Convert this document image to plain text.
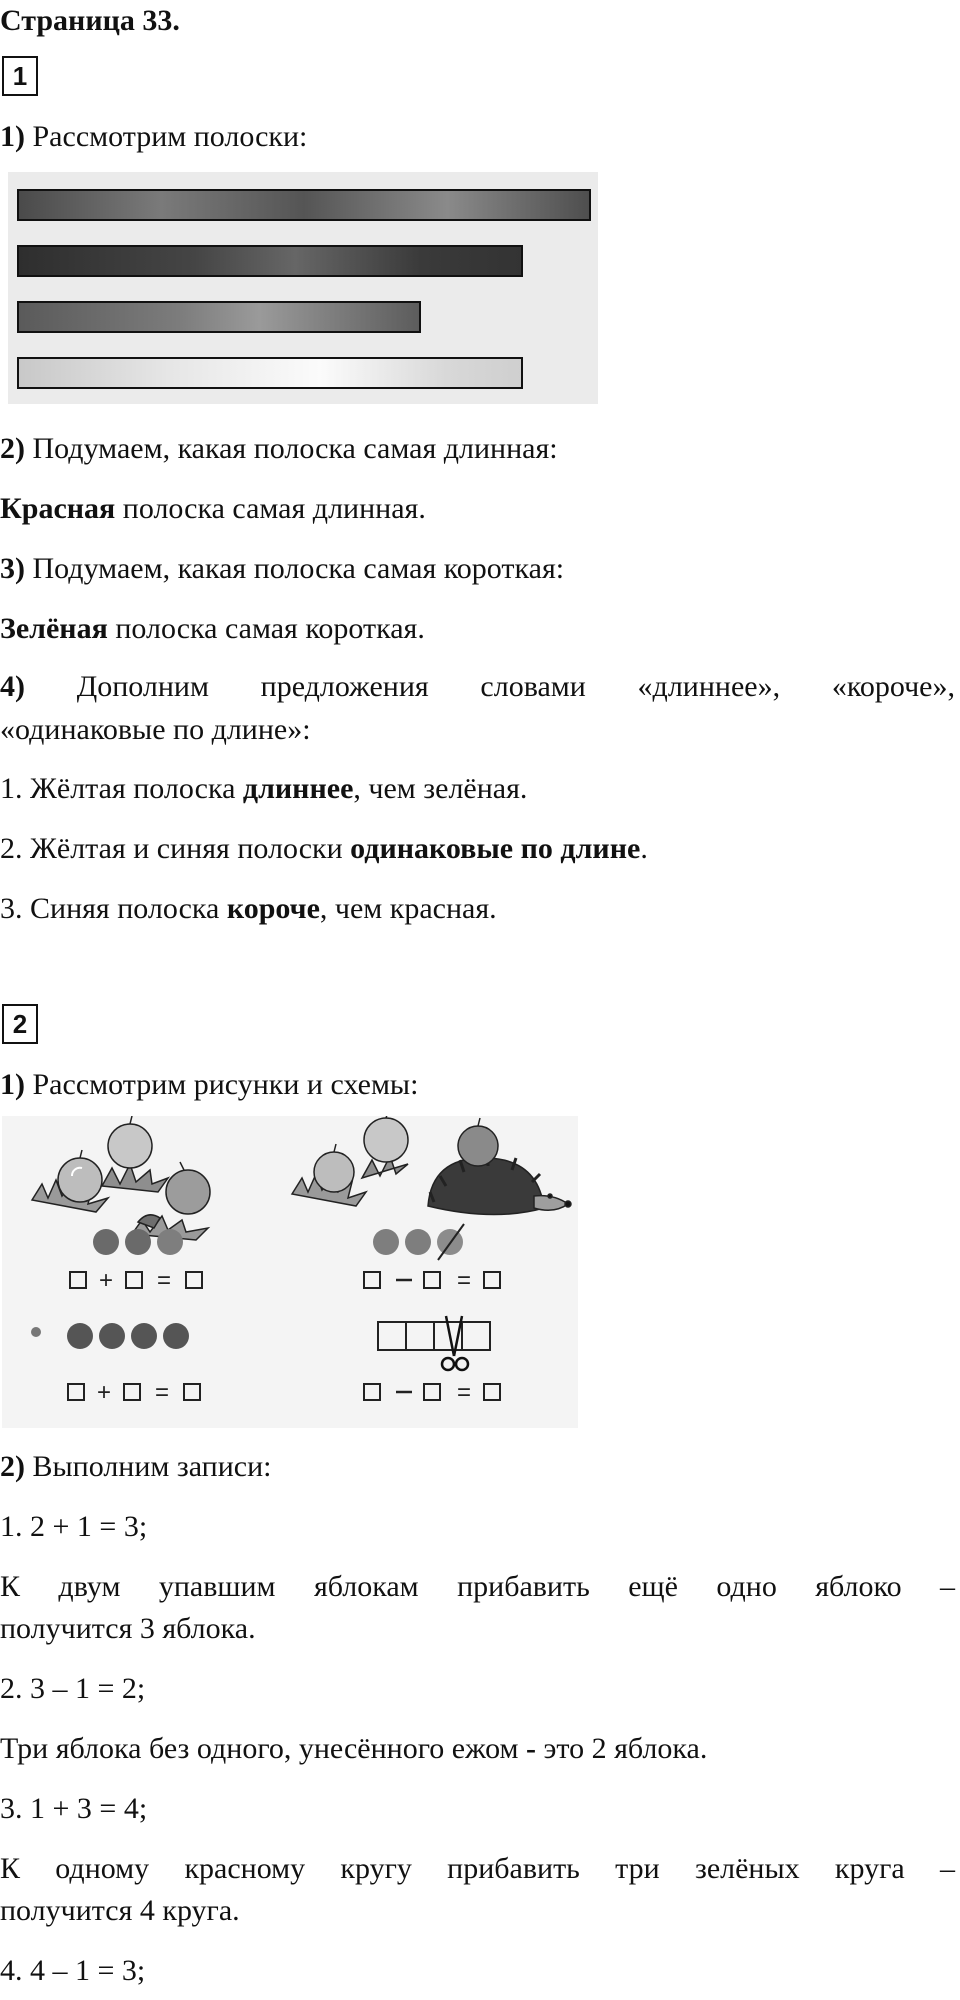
Страница 33.

1

1) Рассмотрим полоски:

2) Подумаем, какая полоска самая длинная:

Красная полоска самая длинная.

3) Подумаем, какая полоска самая короткая:

Зелёная полоска самая короткая.

4) Дополним предложения словами «длиннее», «короче»,

«одинаковые по длине»:

1. Жёлтая полоска длиннее, чем зелёная.

2. Жёлтая и синяя полоски одинаковые по длине.

3. Синяя полоска короче, чем красная.

2

1) Рассмотрим рисунки и схемы:

+ =	=
+ =	=

2) Выполним записи:

1. 2 + 1 = 3;

К двум упавшим яблокам прибавить ещё одно яблоко –

получится 3 яблока.

2. 3 – 1 = 2;

Три яблока без одного, унесённого ежом - это 2 яблока.

3. 1 + 3 = 4;

К одному красному кругу прибавить три зелёных круга –

получится 4 круга.

4. 4 – 1 = 3;
